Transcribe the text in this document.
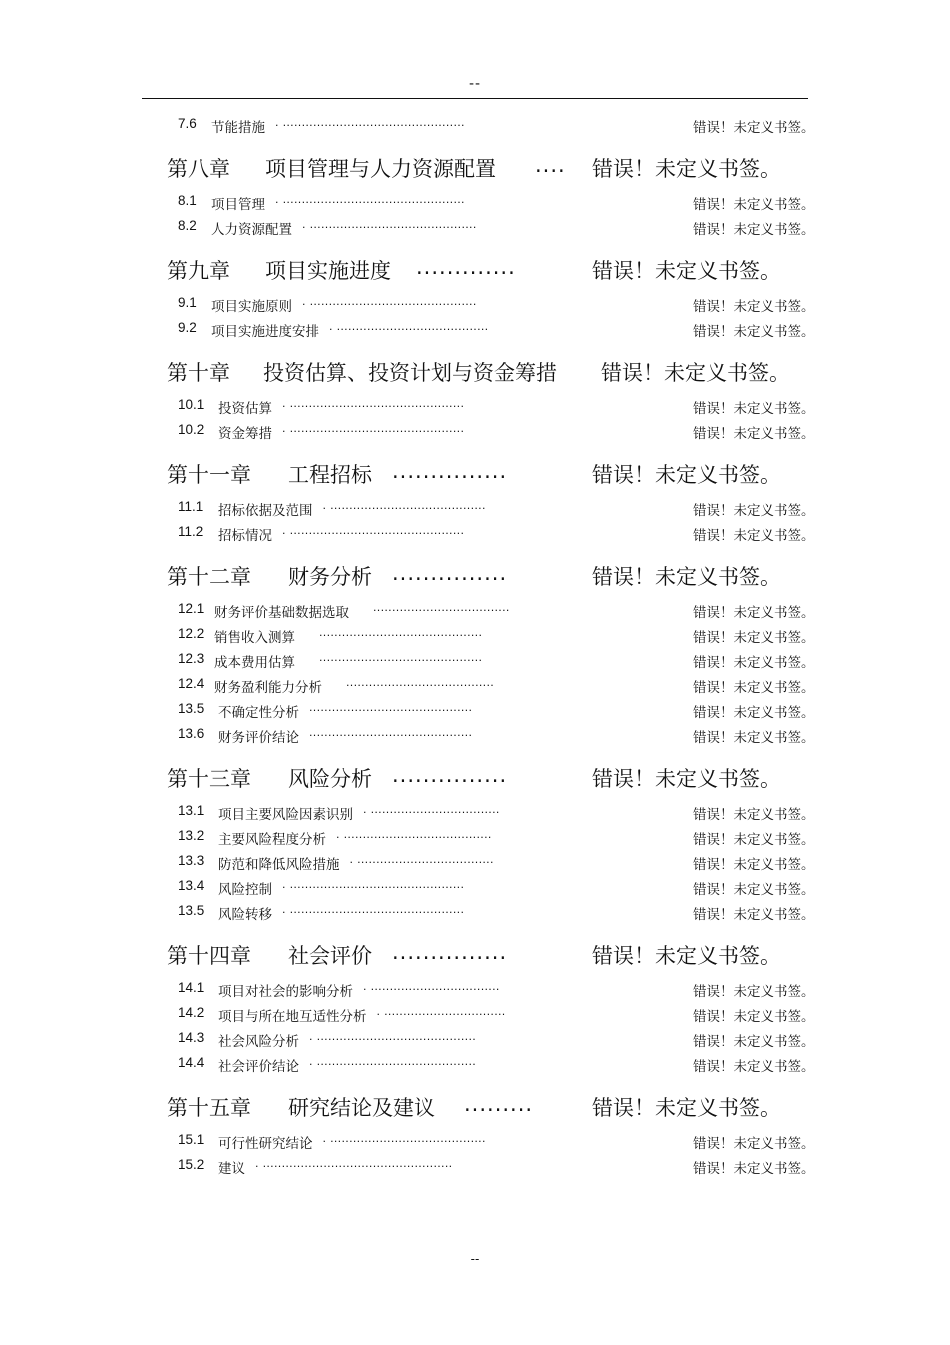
--
7.6 节能措施 . ................................................	错误！未定义书签。
第八章 项目管理与人力资源配置 .... 错误！未定义书签。
8.1 项目管理 . ................................................	错误！未定义书签。
8.2 人力资源配置 . ............................................	错误！未定义书签。
第九章 项目实施进度 .............	错误！未定义书签。
9.1 项目实施原则 . ............................................	错误！未定义书签。
9.2 项目实施进度安排 . ........................................	错误！未定义书签。
第十章 投资估算、投资计划与资金筹措 错误！未定义书签。
10.1 投资估算 . ..............................................	错误！未定义书签。
10.2 资金筹措 . ..............................................	错误！未定义书签。
第十一章 工程招标 ...............	错误！未定义书签。
11.1 招标依据及范围 . .........................................	错误！未定义书签。
11.2 招标情况 . ..............................................	错误！未定义书签。
第十二章 财务分析 ...............	错误！未定义书签。
12.1 财务评价基础数据选取 ....................................	错误！未定义书签。
12.2 销售收入测算 ...........................................	错误！未定义书签。
12.3 成本费用估算 ...........................................	错误！未定义书签。
12.4 财务盈利能力分析 .......................................	错误！未定义书签。
13.5 不确定性分析 ...........................................	错误！未定义书签。
13.6 财务评价结论 ...........................................	错误！未定义书签。
第十三章 风险分析 ...............	错误！未定义书签。
13.1 项目主要风险因素识别 . ..................................	错误！未定义书签。
13.2 主要风险程度分析 . .......................................	错误！未定义书签。
13.3 防范和降低风险措施 . ....................................	错误！未定义书签。
13.4 风险控制 . ..............................................	错误！未定义书签。
13.5 风险转移 . ..............................................	错误！未定义书签。
第十四章 社会评价 ...............	错误！未定义书签。
14.1 项目对社会的影响分析 . ..................................	错误！未定义书签。
14.2 项目与所在地互适性分析 . ................................	错误！未定义书签。
14.3 社会风险分析 . ..........................................	错误！未定义书签。
14.4 社会评价结论 . ..........................................	错误！未定义书签。
第十五章 研究结论及建议 .........	错误！未定义书签。
15.1 可行性研究结论 . .........................................	错误！未定义书签。
15.2 建议 . ..................................................	错误！未定义书签。
--
